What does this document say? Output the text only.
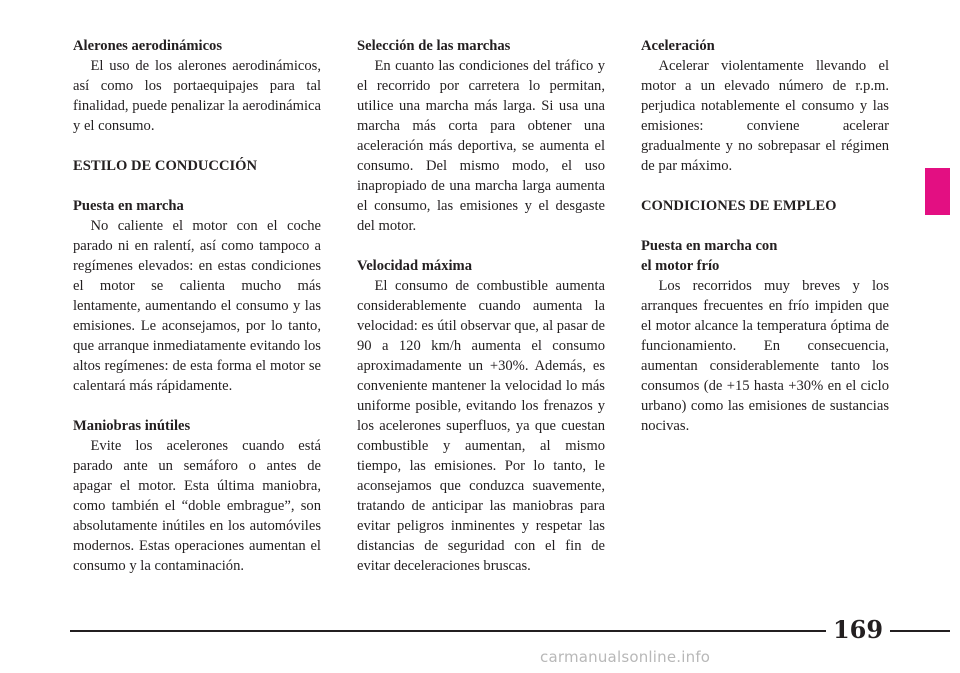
Alerones aerodinámicos

El uso de los alerones aerodinámicos, así como los portaequipajes para tal finalidad, puede penalizar la aerodinámica y el consumo.

ESTILO DE CONDUCCIÓN

Puesta en marcha

No caliente el motor con el coche parado ni en ralentí, así como tampoco a regímenes elevados: en estas condiciones el motor se calienta mucho más lentamente, aumentando el consumo y las emisiones. Le aconsejamos, por lo tanto, que arranque inmediatamente evitando los altos regímenes: de esta forma el motor se calentará más rápidamente.

Maniobras inútiles

Evite los acelerones cuando está parado ante un semáforo o antes de apagar el motor. Esta última maniobra, como también el “doble embrague”, son absolutamente inútiles en los automóviles modernos. Estas operaciones aumentan el consumo y la contaminación.

Selección de las marchas

En cuanto las condiciones del tráfico y el recorrido por carretera lo permitan, utilice una marcha más larga. Si usa una marcha más corta para obtener una aceleración más deportiva, se aumenta el consumo. Del mismo modo, el uso inapropiado de una marcha larga aumenta el consumo, las emisiones y el desgaste del motor.

Velocidad máxima

El consumo de combustible aumenta considerablemente cuando aumenta la velocidad: es útil observar que, al pasar de 90 a 120 km/h aumenta el consumo aproximadamente un +30%. Además, es conveniente mantener la velocidad lo más uniforme posible, evitando los frenazos y los acelerones superfluos, ya que cuestan combustible y aumentan, al mismo tiempo, las emisiones. Por lo tanto, le aconsejamos que conduzca suavemente, tratando de anticipar las maniobras para evitar peligros inminentes y respetar las distancias de seguridad con el fin de evitar deceleraciones bruscas.

Aceleración

Acelerar violentamente llevando el motor a un elevado número de r.p.m. perjudica notablemente el consumo y las emisiones: conviene acelerar gradualmente y no sobrepasar el régimen de par máximo.

CONDICIONES DE EMPLEO

Puesta en marcha con

el motor frío

Los recorridos muy breves y los arranques frecuentes en frío impiden que el motor alcance la temperatura óptima de funcionamiento. En consecuencia, aumentan considerablemente tanto los consumos (de +15 hasta +30% en el ciclo urbano) como las emisiones de sustancias nocivas.

169
carmanualsonline.info
